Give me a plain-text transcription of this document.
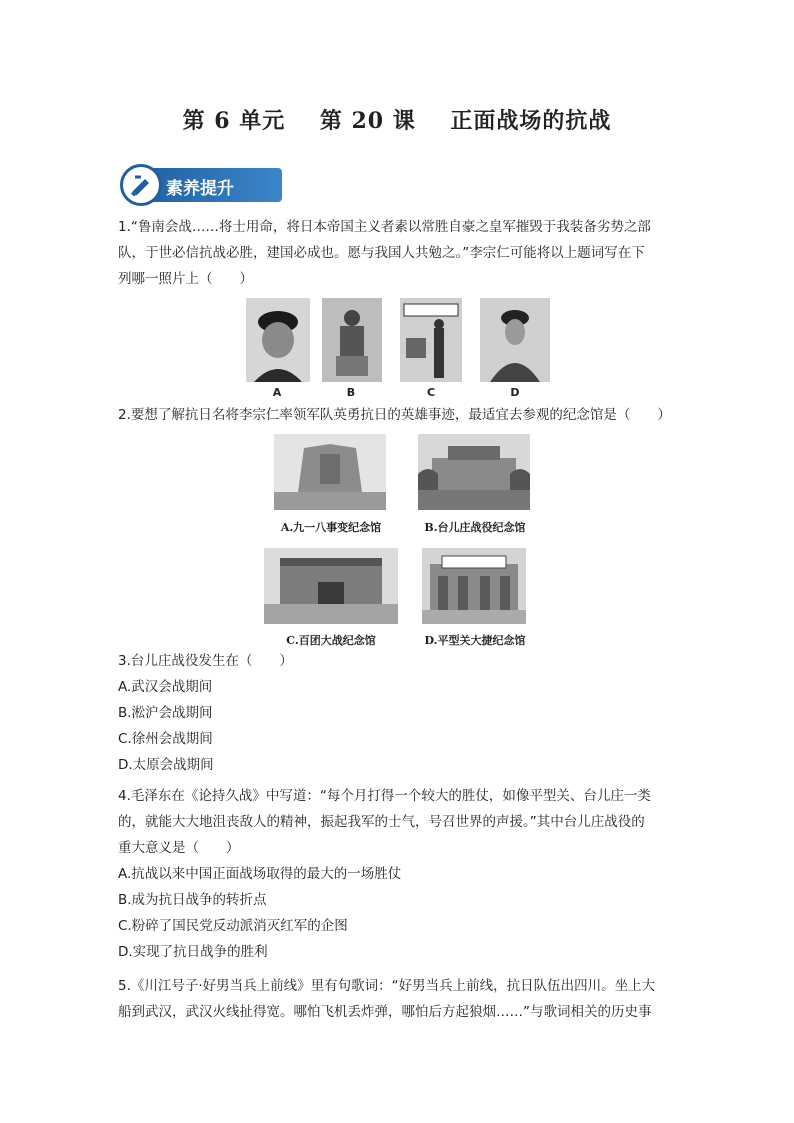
第 6 单元    第 20 课    正面战场的抗战
素养提升
1.“鲁南会战……将士用命，将日本帝国主义者素以常胜自豪之皇军摧毁于我装备劣势之部
队，于世必信抗战必胜，建国必成也。愿与我国人共勉之。”李宗仁可能将以上题词写在下
列哪一照片上（　　）
A	B	C	D
2.要想了解抗日名将李宗仁率领军队英勇抗日的英雄事迹，最适宜去参观的纪念馆是（　　）
A.九一八事变纪念馆	B.台儿庄战役纪念馆
C.百团大战纪念馆	D.平型关大捷纪念馆
3.台儿庄战役发生在（　　）
A.武汉会战期间
B.淞沪会战期间
C.徐州会战期间
D.太原会战期间
4.毛泽东在《论持久战》中写道：“每个月打得一个较大的胜仗，如像平型关、台儿庄一类
的，就能大大地沮丧敌人的精神，振起我军的士气，号召世界的声援。”其中台儿庄战役的
重大意义是（　　）
A.抗战以来中国正面战场取得的最大的一场胜仗
B.成为抗日战争的转折点
C.粉碎了国民党反动派消灭红军的企图
D.实现了抗日战争的胜利
5.《川江号子·好男当兵上前线》里有句歌词：“好男当兵上前线，抗日队伍出四川。坐上大
船到武汉，武汉火线扯得宽。哪怕飞机丢炸弹，哪怕后方起狼烟……”与歌词相关的历史事
